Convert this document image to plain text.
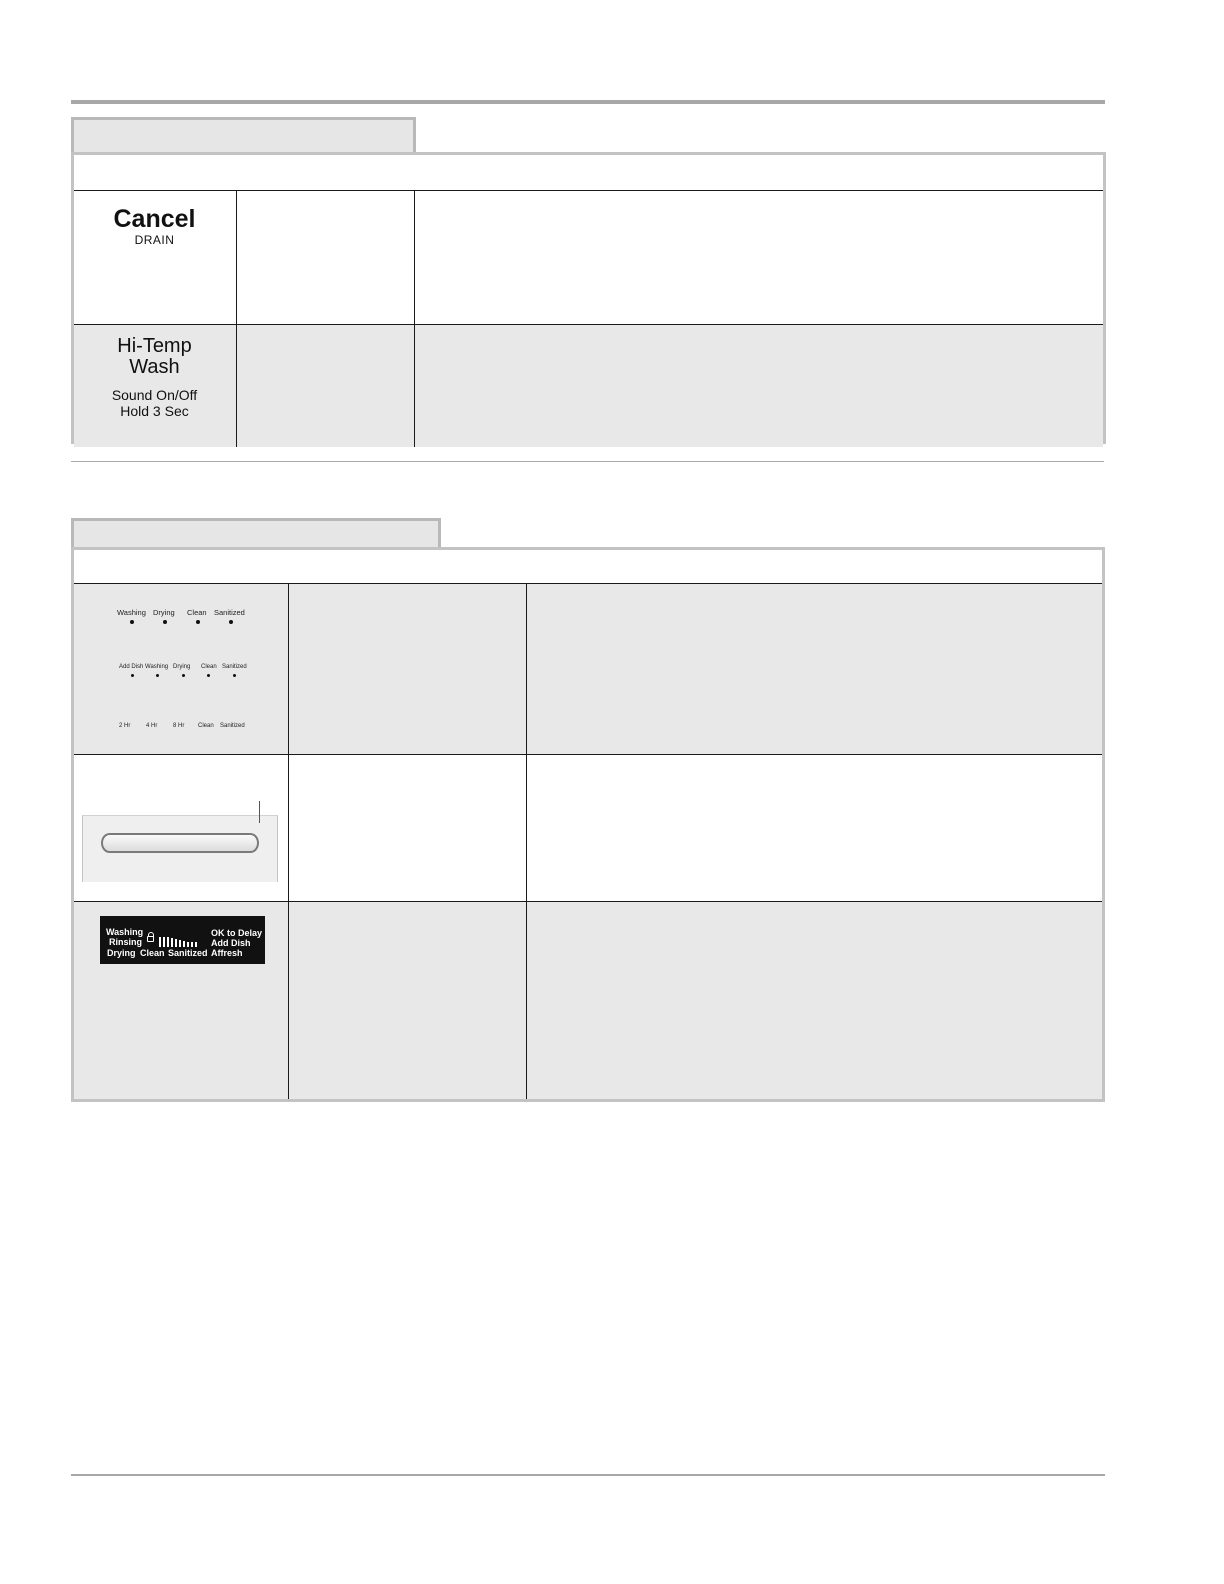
Cancel
DRAIN
Hi-Temp
Wash
Sound On/Off
Hold 3 Sec
Washing Drying Clean Sanitized
Add Dish Washing Drying Clean Sanitized
2 Hr	4 Hr	8 Hr Clean Sanitized
Washing
Rinsing
Drying Clean Sanitized
OK to Delay
Add Dish
Affresh
